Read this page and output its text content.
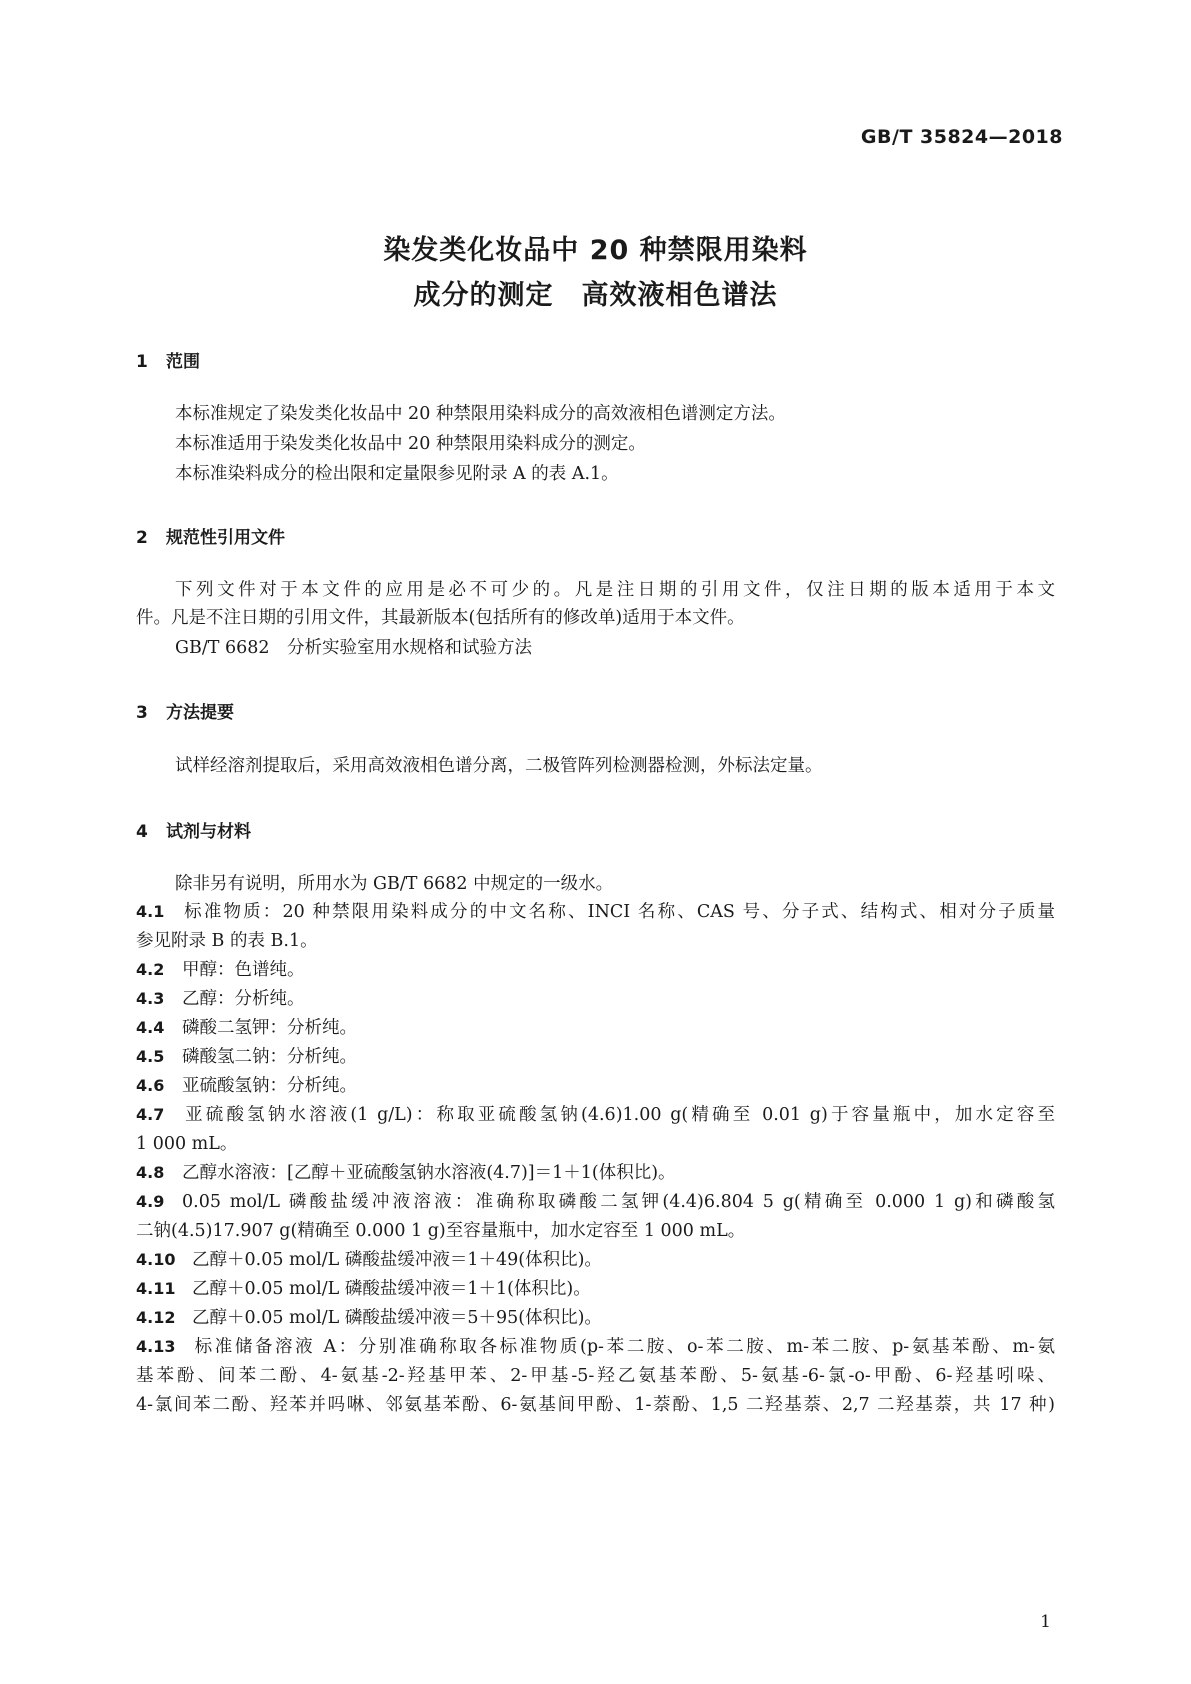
GB/T 35824—2018
染发类化妆品中 20 种禁限用染料
成分的测定　高效液相色谱法
1 范围
本标准规定了染发类化妆品中 20 种禁限用染料成分的高效液相色谱测定方法。
本标准适用于染发类化妆品中 20 种禁限用染料成分的测定。
本标准染料成分的检出限和定量限参见附录 A 的表 A.1。
2 规范性引用文件
下列文件对于本文件的应用是必不可少的。凡是注日期的引用文件，仅注日期的版本适用于本文
件。凡是不注日期的引用文件，其最新版本(包括所有的修改单)适用于本文件。
GB/T 6682　分析实验室用水规格和试验方法
3 方法提要
试样经溶剂提取后，采用高效液相色谱分离，二极管阵列检测器检测，外标法定量。
4 试剂与材料
除非另有说明，所用水为 GB/T 6682 中规定的一级水。
4.1 标准物质：20 种禁限用染料成分的中文名称、INCI 名称、CAS 号、分子式、结构式、相对分子质量
参见附录 B 的表 B.1。
4.2 甲醇：色谱纯。
4.3 乙醇：分析纯。
4.4 磷酸二氢钾：分析纯。
4.5 磷酸氢二钠：分析纯。
4.6 亚硫酸氢钠：分析纯。
4.7 亚硫酸氢钠水溶液(1 g/L)：称取亚硫酸氢钠(4.6)1.00 g(精确至 0.01 g)于容量瓶中，加水定容至
1 000 mL。
4.8 乙醇水溶液：[乙醇＋亚硫酸氢钠水溶液(4.7)]＝1＋1(体积比)。
4.9 0.05 mol/L 磷酸盐缓冲液溶液：准确称取磷酸二氢钾(4.4)6.804 5 g(精确至 0.000 1 g)和磷酸氢
二钠(4.5)17.907 g(精确至 0.000 1 g)至容量瓶中，加水定容至 1 000 mL。
4.10 乙醇＋0.05 mol/L 磷酸盐缓冲液＝1＋49(体积比)。
4.11 乙醇＋0.05 mol/L 磷酸盐缓冲液＝1＋1(体积比)。
4.12 乙醇＋0.05 mol/L 磷酸盐缓冲液＝5＋95(体积比)。
4.13 标准储备溶液 A：分别准确称取各标准物质(p-苯二胺、o-苯二胺、m-苯二胺、p-氨基苯酚、m-氨
基苯酚、间苯二酚、4-氨基-2-羟基甲苯、2-甲基-5-羟乙氨基苯酚、5-氨基-6-氯-o-甲酚、6-羟基吲哚、
4-氯间苯二酚、羟苯并吗啉、邻氨基苯酚、6-氨基间甲酚、1-萘酚、1,5 二羟基萘、2,7 二羟基萘，共 17 种)
1
